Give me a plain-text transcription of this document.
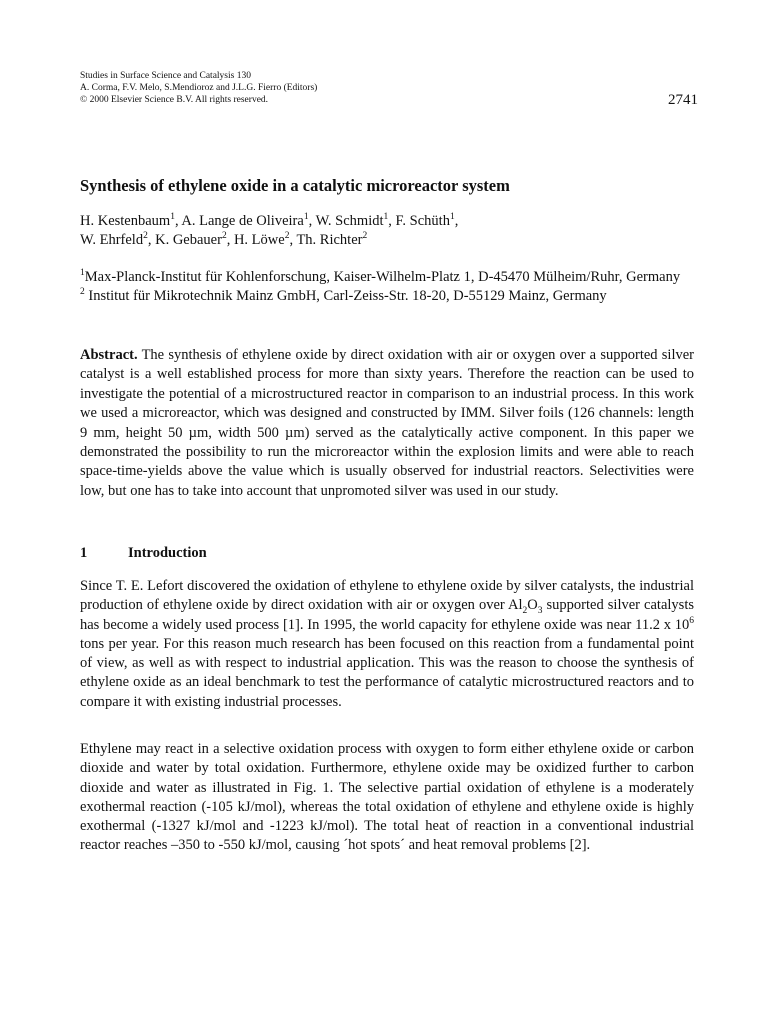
Studies in Surface Science and Catalysis 130
A. Corma, F.V. Melo, S.Mendioroz and J.L.G. Fierro (Editors)
© 2000 Elsevier Science B.V. All rights reserved.	2741
Synthesis of ethylene oxide in a catalytic microreactor system
H. Kestenbaum$^1$, A. Lange de Oliveira$^1$, W. Schmidt$^1$, F. Schüth$^1$,
W. Ehrfeld$^2$, K. Gebauer$^2$, H. Löwe$^2$, Th. Richter$^2$

$^1$Max-Planck-Institut für Kohlenforschung, Kaiser-Wilhelm-Platz 1, D-45470 Mülheim/Ruhr, Germany

$^2$ Institut für Mikrotechnik Mainz GmbH, Carl-Zeiss-Str. 18-20, D-55129 Mainz, Germany

Abstract. The synthesis of ethylene oxide by direct oxidation with air or oxygen over a supported silver catalyst is a well established process for more than sixty years. Therefore the reaction can be used to investigate the potential of a microstructured reactor in comparison to an industrial process. In this work we used a microreactor, which was designed and constructed by IMM. Silver foils (126 channels: length 9 mm, height 50 µm, width 500 µm) served as the catalytically active component. In this paper we demonstrated the possibility to run the microreactor within the explosion limits and were able to reach space-time-yields above the value which is usually observed for industrial reactors. Selectivities were low, but one has to take into account that unpromoted silver was used in our study.

1	Introduction

Since T. E. Lefort discovered the oxidation of ethylene to ethylene oxide by silver catalysts, the industrial production of ethylene oxide by direct oxidation with air or oxygen over $Al_2O_3$ supported silver catalysts has become a widely used process [1]. In 1995, the world capacity for ethylene oxide was near 11.2 x $10^6$ tons per year. For this reason much research has been focused on this reaction from a fundamental point of view, as well as with respect to industrial application. This was the reason to choose the synthesis of ethylene oxide as an ideal benchmark to test the performance of catalytic microstructured reactors and to compare it with existing industrial processes.

Ethylene may react in a selective oxidation process with oxygen to form either ethylene oxide or carbon dioxide and water by total oxidation. Furthermore, ethylene oxide may be oxidized further to carbon dioxide and water as illustrated in Fig. 1. The selective partial oxidation of ethylene is a moderately exothermal reaction (-105 kJ/mol), whereas the total oxidation of ethylene and ethylene oxide is highly exothermal (-1327 kJ/mol and -1223 kJ/mol). The total heat of reaction in a conventional industrial reactor reaches –350 to -550 kJ/mol, causing ´hot spots´ and heat removal problems [2].
